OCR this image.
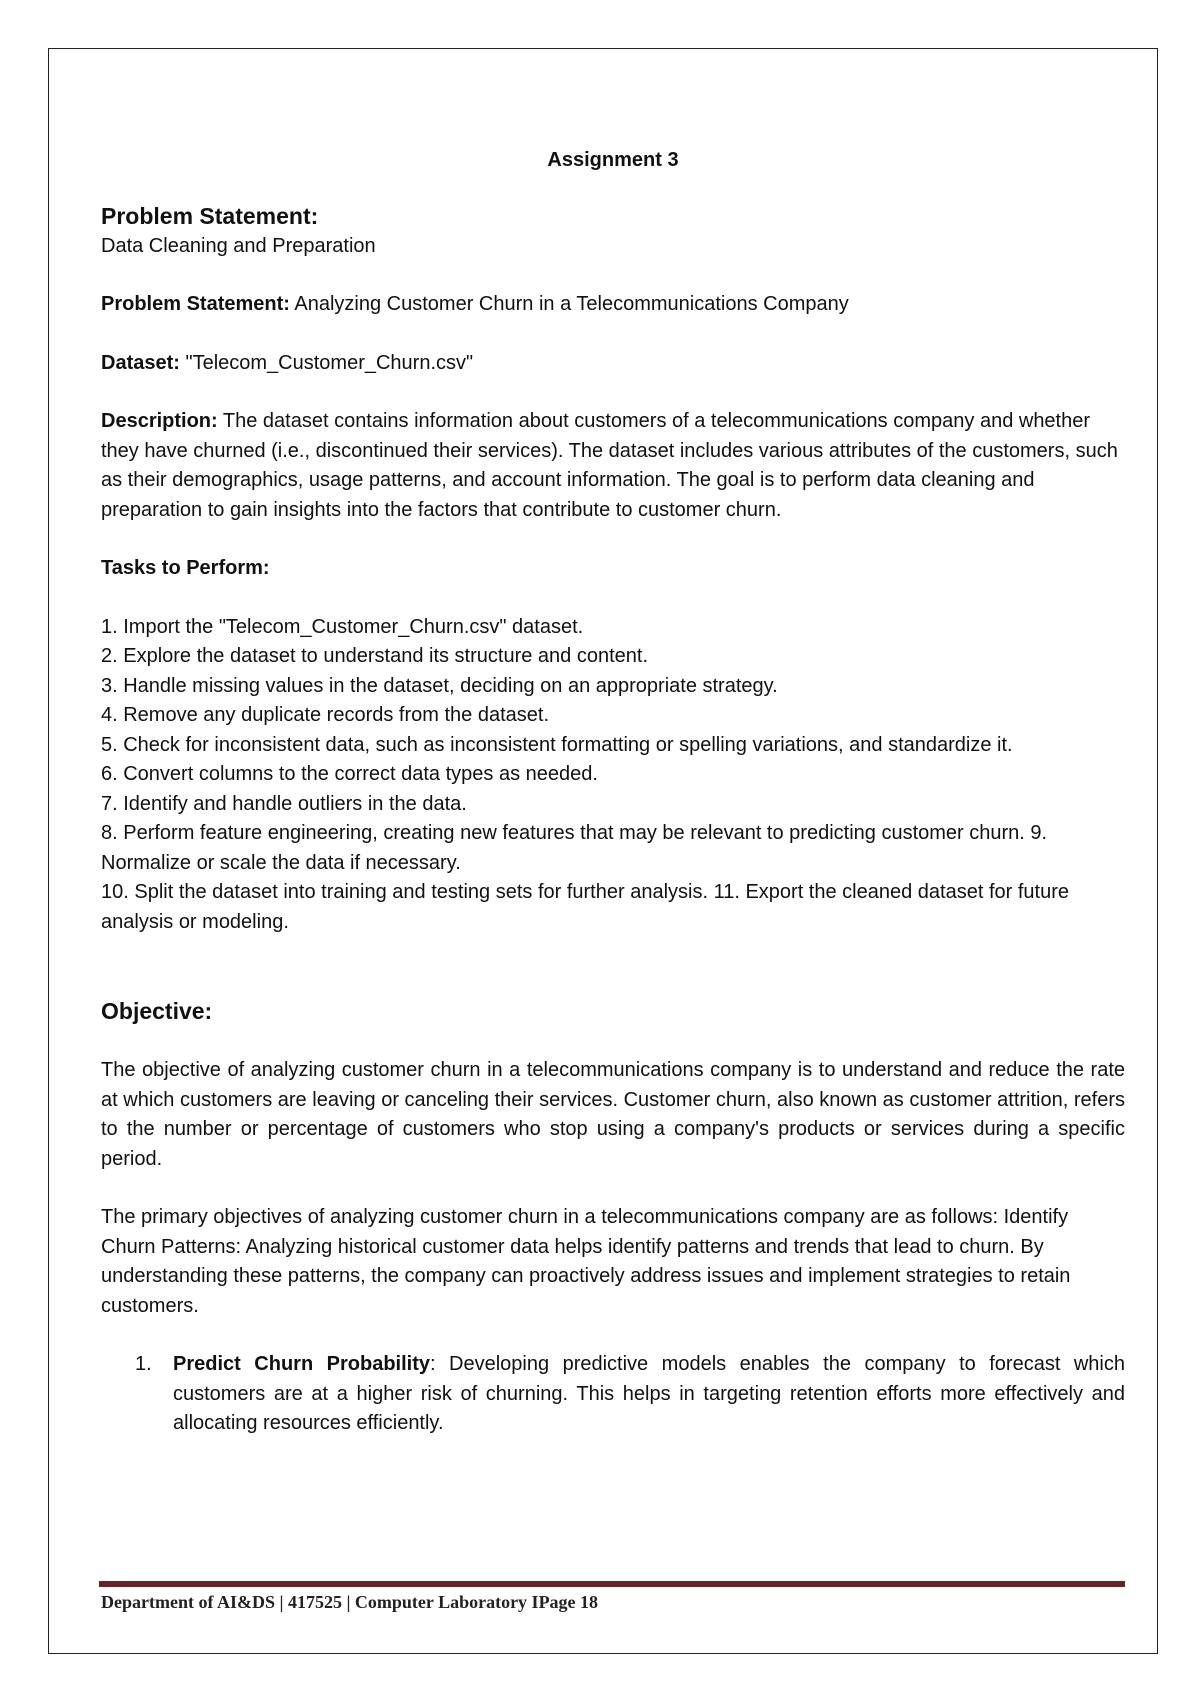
Assignment 3

Problem Statement:

Data Cleaning and Preparation

Problem Statement: Analyzing Customer Churn in a Telecommunications Company

Dataset: "Telecom_Customer_Churn.csv"

Description: The dataset contains information about customers of a telecommunications company and whether they have churned (i.e., discontinued their services). The dataset includes various attributes of the customers, such as their demographics, usage patterns, and account information. The goal is to perform data cleaning and preparation to gain insights into the factors that contribute to customer churn.

Tasks to Perform:

1. Import the "Telecom_Customer_Churn.csv" dataset.

2. Explore the dataset to understand its structure and content.

3. Handle missing values in the dataset, deciding on an appropriate strategy.

4. Remove any duplicate records from the dataset.

5. Check for inconsistent data, such as inconsistent formatting or spelling variations, and standardize it.

6. Convert columns to the correct data types as needed.

7. Identify and handle outliers in the data.

8. Perform feature engineering, creating new features that may be relevant to predicting customer churn. 9. Normalize or scale the data if necessary.

10. Split the dataset into training and testing sets for further analysis. 11. Export the cleaned dataset for future analysis or modeling.

Objective:

The objective of analyzing customer churn in a telecommunications company is to understand and reduce the rate at which customers are leaving or canceling their services. Customer churn, also known as customer attrition, refers to the number or percentage of customers who stop using a company's products or services during a specific period.

The primary objectives of analyzing customer churn in a telecommunications company are as follows: Identify Churn Patterns: Analyzing historical customer data helps identify patterns and trends that lead to churn. By understanding these patterns, the company can proactively address issues and implement strategies to retain customers.

1. Predict Churn Probability: Developing predictive models enables the company to forecast which customers are at a higher risk of churning. This helps in targeting retention efforts more effectively and allocating resources efficiently.
Department of AI&DS | 417525 | Computer Laboratory IPage 18
